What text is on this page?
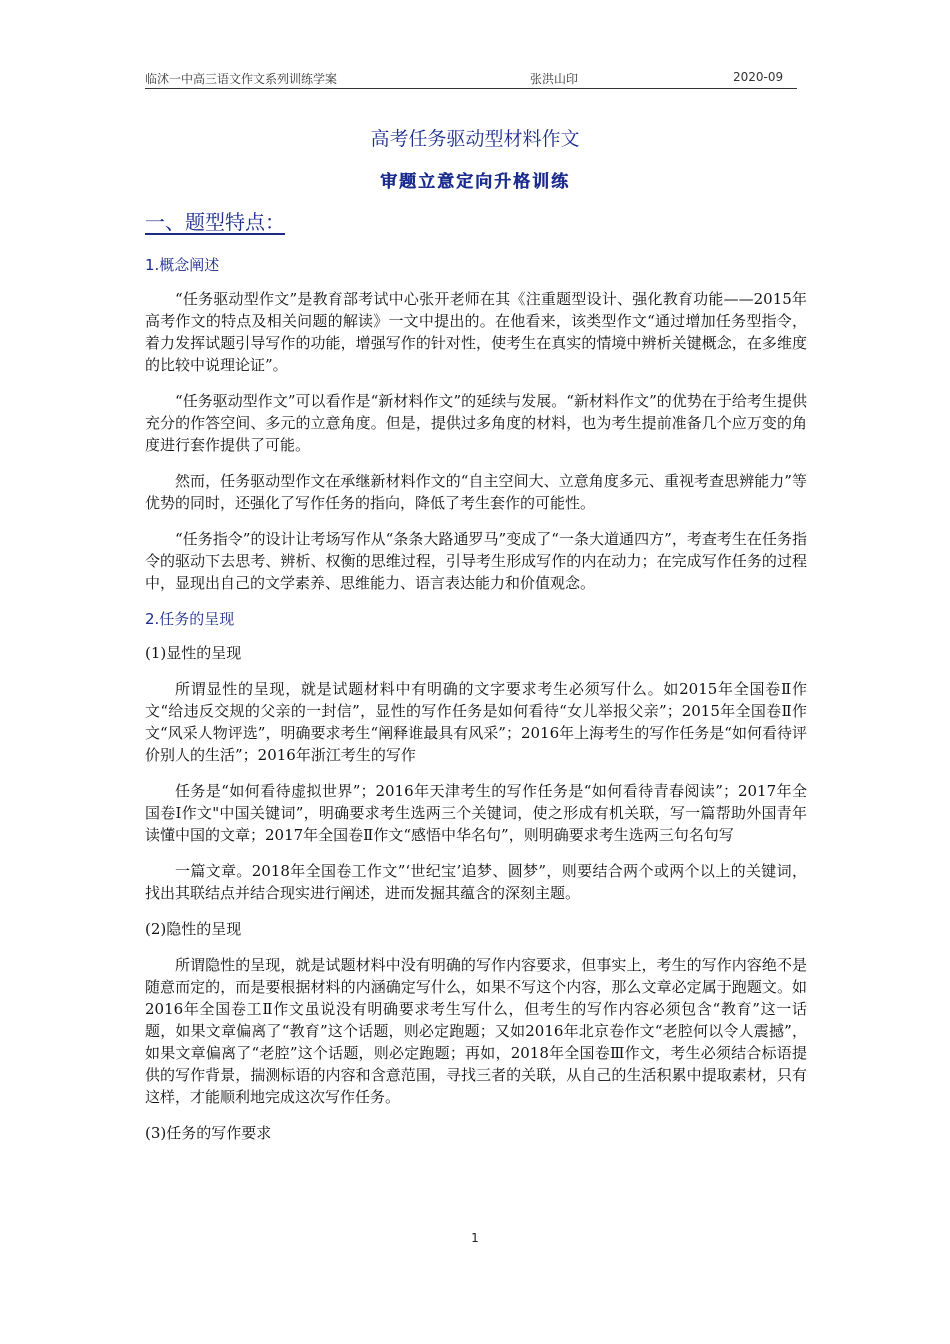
临沭一中高三语文作文系列训练学案	张洪山印	2020-09
高考任务驱动型材料作文
审题立意定向升格训练
一、题型特点：
1.概念阐述

“任务驱动型作文”是教育部考试中心张开老师在其《注重题型设计、强化教育功能——2015年高考作文的特点及相关问题的解读》一文中提出的。在他看来，该类型作文“通过增加任务型指令，着力发挥试题引导写作的功能，增强写作的针对性，使考生在真实的情境中辨析关键概念，在多维度的比较中说理论证”。

“任务驱动型作文”可以看作是“新材料作文”的延续与发展。“新材料作文”的优势在于给考生提供充分的作答空间、多元的立意角度。但是，提供过多角度的材料，也为考生提前准备几个应万变的角度进行套作提供了可能。

然而，任务驱动型作文在承继新材料作文的“自主空间大、立意角度多元、重视考查思辨能力”等优势的同时，还强化了写作任务的指向，降低了考生套作的可能性。

“任务指令”的设计让考场写作从“条条大路通罗马”变成了“一条大道通四方”，考查考生在任务指令的驱动下去思考、辨析、权衡的思维过程，引导考生形成写作的内在动力；在完成写作任务的过程中，显现出自己的文学素养、思维能力、语言表达能力和价值观念。

2.任务的呈现
(1)显性的呈现

所谓显性的呈现，就是试题材料中有明确的文字要求考生必须写什么。如2015年全国卷Ⅱ作文“给违反交规的父亲的一封信”，显性的写作任务是如何看待“女儿举报父亲”；2015年全国卷Ⅱ作文“风采人物评选”，明确要求考生“阐释谁最具有风采”；2016年上海考生的写作任务是“如何看待评价别人的生活”；2016年浙江考生的写作

任务是“如何看待虚拟世界”；2016年天津考生的写作任务是“如何看待青春阅读”；2017年全国卷Ⅰ作文"中国关键词”，明确要求考生选两三个关键词，使之形成有机关联，写一篇帮助外国青年读懂中国的文章；2017年全国卷Ⅱ作文“感悟中华名句”，则明确要求考生选两三句名句写

一篇文章。2018年全国卷工作文”‘世纪宝’追梦、圆梦”，则要结合两个或两个以上的关键词，找出其联结点并结合现实进行阐述，进而发掘其蕴含的深刻主题。

(2)隐性的呈现

所谓隐性的呈现，就是试题材料中没有明确的写作内容要求，但事实上，考生的写作内容绝不是随意而定的，而是要根据材料的内涵确定写什么，如果不写这个内容，那么文章必定属于跑题文。如 2016年全国卷工Ⅱ作文虽说没有明确要求考生写什么，但考生的写作内容必须包含“教育”这一话题，如果文章偏离了“教育”这个话题，则必定跑题；又如2016年北京卷作文“老腔何以令人震撼”，如果文章偏离了“老腔”这个话题，则必定跑题；再如，2018年全国卷Ⅲ作文，考生必须结合标语提供的写作背景，揣测标语的内容和含意范围，寻找三者的关联，从自己的生活积累中提取素材，只有这样，才能顺利地完成这次写作任务。

(3)任务的写作要求
1
